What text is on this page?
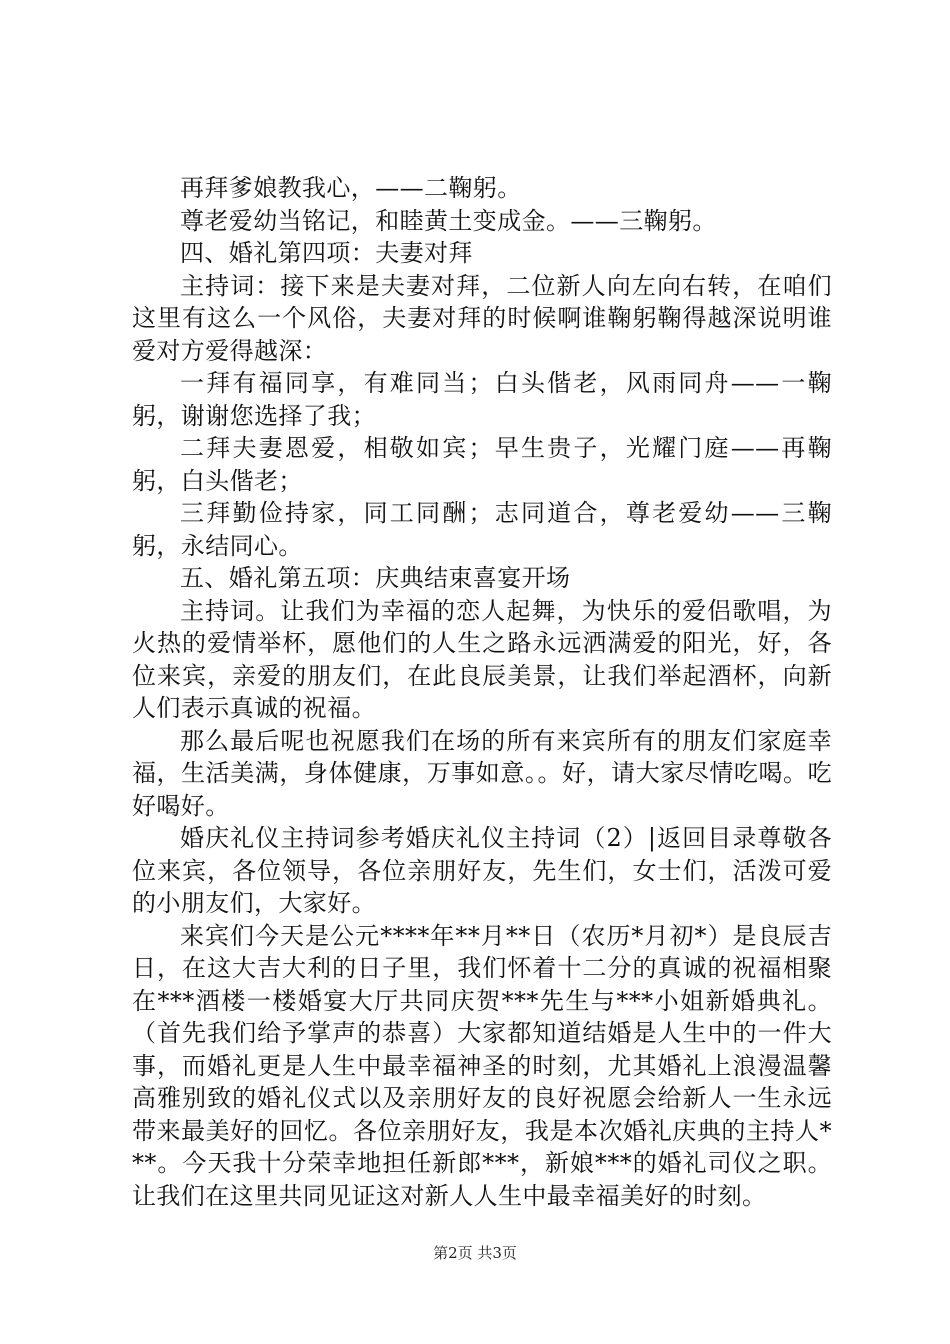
再拜爹娘教我心，——二鞠躬。

尊老爱幼当铭记，和睦黄土变成金。——三鞠躬。

四、婚礼第四项：夫妻对拜

主持词：接下来是夫妻对拜，二位新人向左向右转，在咱们这里有这么一个风俗，夫妻对拜的时候啊谁鞠躬鞠得越深说明谁爱对方爱得越深：

一拜有福同享，有难同当；白头偕老，风雨同舟——一鞠躬，谢谢您选择了我；

二拜夫妻恩爱，相敬如宾；早生贵子，光耀门庭——再鞠躬，白头偕老；

三拜勤俭持家，同工同酬；志同道合，尊老爱幼——三鞠躬，永结同心。

五、婚礼第五项：庆典结束喜宴开场

主持词。让我们为幸福的恋人起舞，为快乐的爱侣歌唱，为火热的爱情举杯，愿他们的人生之路永远洒满爱的阳光，好，各位来宾，亲爱的朋友们，在此良辰美景，让我们举起酒杯，向新人们表示真诚的祝福。

那么最后呢也祝愿我们在场的所有来宾所有的朋友们家庭幸福，生活美满，身体健康，万事如意。。好，请大家尽情吃喝。吃好喝好。

婚庆礼仪主持词参考婚庆礼仪主持词（2）|返回目录尊敬各位来宾，各位领导，各位亲朋好友，先生们，女士们，活泼可爱的小朋友们，大家好。

来宾们今天是公元****年**月**日（农历*月初*）是良辰吉日，在这大吉大利的日子里，我们怀着十二分的真诚的祝福相聚在***酒楼一楼婚宴大厅共同庆贺***先生与***小姐新婚典礼。（首先我们给予掌声的恭喜）大家都知道结婚是人生中的一件大事，而婚礼更是人生中最幸福神圣的时刻，尤其婚礼上浪漫温馨高雅别致的婚礼仪式以及亲朋好友的良好祝愿会给新人一生永远带来最美好的回忆。各位亲朋好友，我是本次婚礼庆典的主持人***。今天我十分荣幸地担任新郎***，新娘***的婚礼司仪之职。让我们在这里共同见证这对新人人生中最幸福美好的时刻。

第2页 共3页
